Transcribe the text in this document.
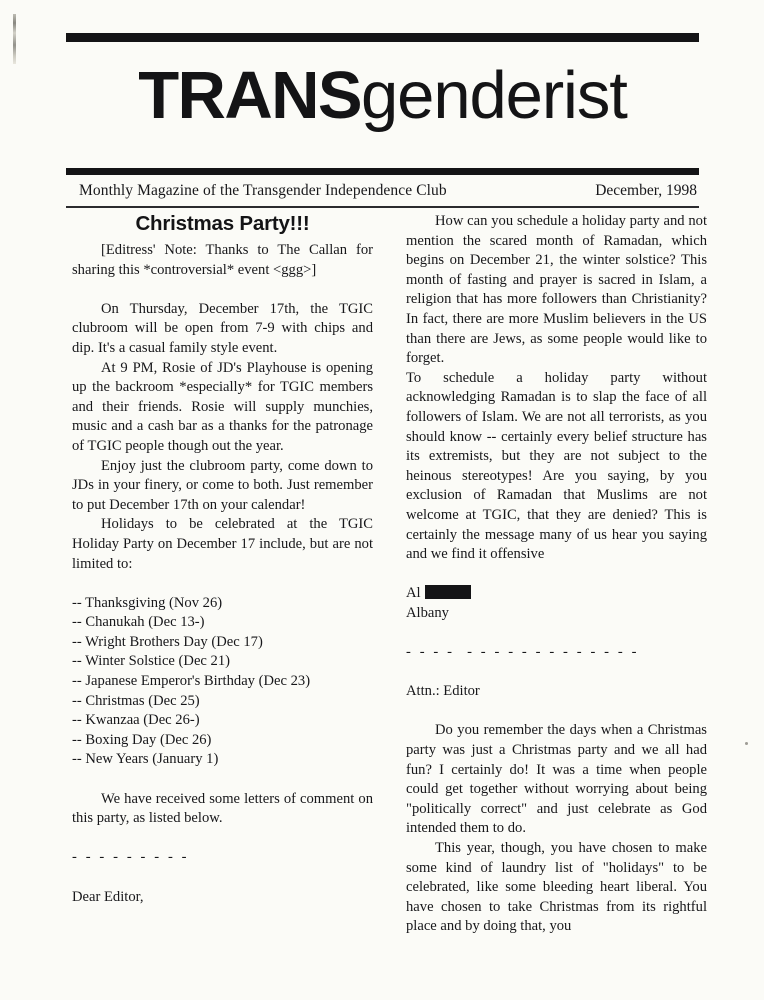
TRANSgenderist
Monthly Magazine of the Transgender Independence Club	December, 1998
Christmas Party!!!

[Editress' Note: Thanks to The Callan for sharing this *controversial* event <ggg>]

On Thursday, December 17th, the TGIC clubroom will be open from 7-9 with chips and dip. It's a casual family style event.

At 9 PM, Rosie of JD's Playhouse is opening up the backroom *especially* for TGIC members and their friends. Rosie will supply munchies, music and a cash bar as a thanks for the patronage of TGIC people though out the year.

Enjoy just the clubroom party, come down to JDs in your finery, or come to both. Just remember to put December 17th on your calendar!

Holidays to be celebrated at the TGIC Holiday Party on December 17 include, but are not limited to:

-- Thanksgiving (Nov 26)

-- Chanukah (Dec 13-)

-- Wright Brothers Day (Dec 17)

-- Winter Solstice (Dec 21)

-- Japanese Emperor's Birthday (Dec 23)

-- Christmas (Dec 25)

-- Kwanzaa (Dec 26-)

-- Boxing Day (Dec 26)

-- New Years (January 1)

We have received some letters of comment on this party, as listed below.

- - - - - - - - -

Dear Editor,

How can you schedule a holiday party and not mention the scared month of Ramadan, which begins on December 21, the winter solstice? This month of fasting and prayer is sacred in Islam, a religion that has more followers than Christianity? In fact, there are more Muslim believers in the US than there are Jews, as some people would like to forget.

To schedule a holiday party without acknowledging Ramadan is to slap the face of all followers of Islam. We are not all terrorists, as you should know -- certainly every belief structure has its extremists, but they are not subject to the heinous stereotypes! Are you saying, by you exclusion of Ramadan that Muslims are not welcome at TGIC, that they are denied? This is certainly the message many of us hear you saying and we find it offensive

Al

Albany

- - - -  - - - - - - - - - - - - -

Attn.: Editor

Do you remember the days when a Christmas party was just a Christmas party and we all had fun? I certainly do! It was a time when people could get together without worrying about being "politically correct" and just celebrate as God intended them to do.

This year, though, you have chosen to make some kind of laundry list of "holidays" to be celebrated, like some bleeding heart liberal. You have chosen to take Christmas from its rightful place and by doing that, you
